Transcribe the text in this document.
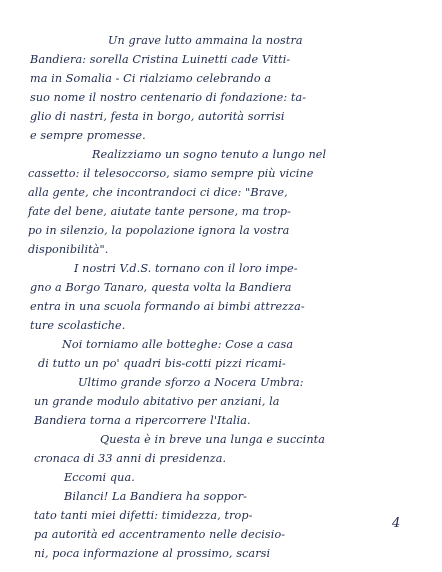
Un grave lutto ammaina la nostra
Bandiera: sorella Cristina Luinetti cade Vitti-
ma in Somalia - Ci rialziamo celebrando a
suo nome il nostro centenario di fondazione: ta-
glio di nastri, festa in borgo, autorità sorrisi
e sempre promesse.
Realizziamo un sogno tenuto a lungo nel
cassetto: il telesoccorso, siamo sempre più vicine
alla gente, che incontrandoci ci dice: "Brave,
fate del bene, aiutate tante persone, ma trop-
po in silenzio, la popolazione ignora la vostra
disponibilità".
I nostri V.d.S. tornano con il loro impe-
gno a Borgo Tanaro, questa volta la Bandiera
entra in una scuola formando ai bimbi attrezza-
ture scolastiche.
Noi torniamo alle botteghe: Cose a casa
di tutto un po' quadri bis-cotti pizzi ricami-
Ultimo grande sforzo a Nocera Umbra:
un grande modulo abitativo per anziani, la
Bandiera torna a ripercorrere l'Italia.
Questa è in breve una lunga e succinta
cronaca di 33 anni di presidenza.
Eccomi qua.
Bilanci! La Bandiera ha soppor-
tato tanti miei difetti: timidezza, trop-
pa autorità ed accentramento nelle decisio-
ni, poca informazione al prossimo, scarsi
4
